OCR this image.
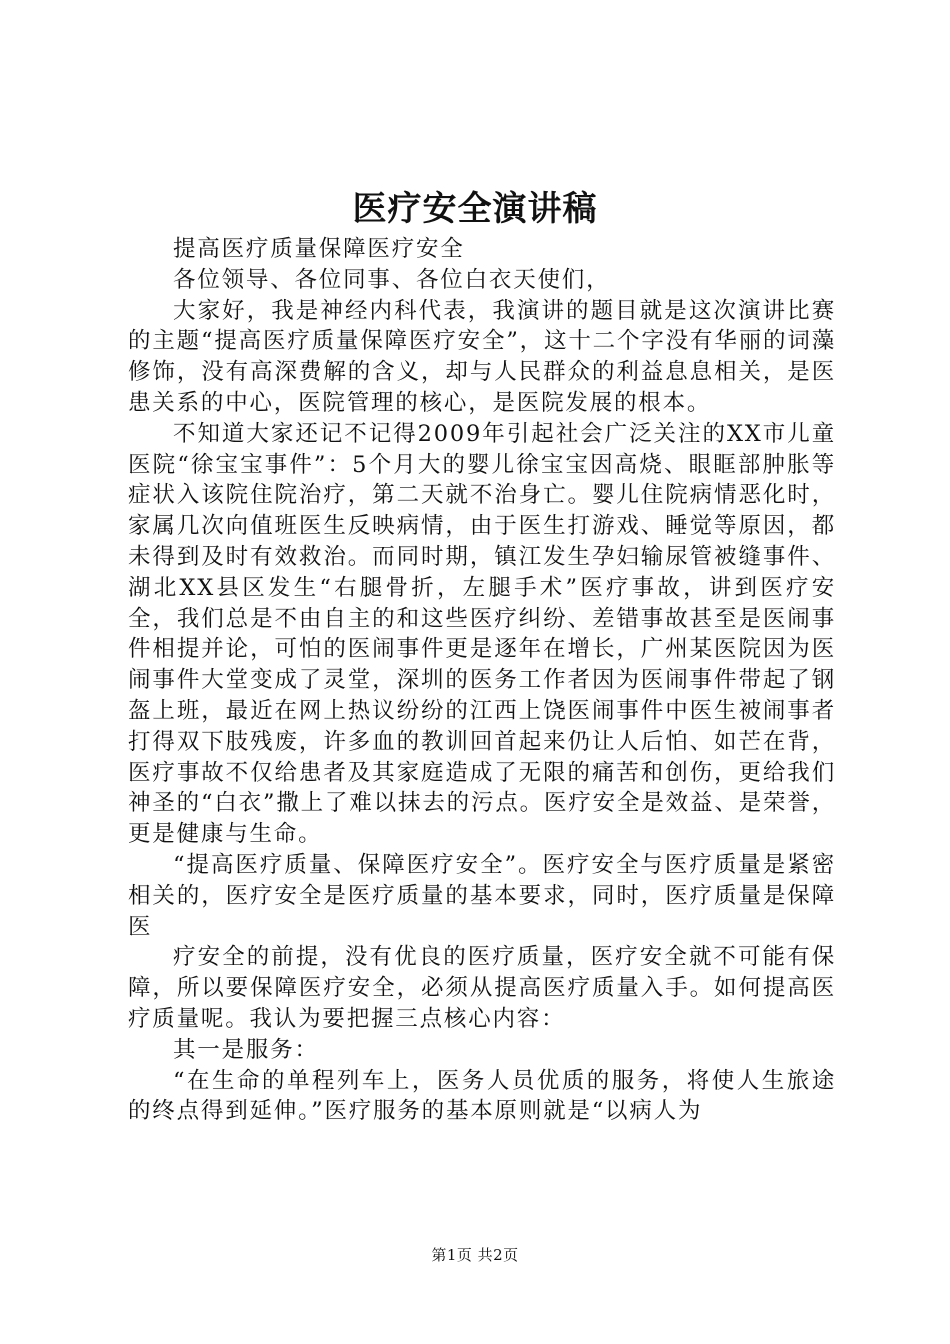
医疗安全演讲稿

提高医疗质量保障医疗安全

各位领导、各位同事、各位白衣天使们，

大家好，我是神经内科代表，我演讲的题目就是这次演讲比赛的主题“提高医疗质量保障医疗安全”，这十二个字没有华丽的词藻修饰，没有高深费解的含义，却与人民群众的利益息息相关，是医患关系的中心，医院管理的核心，是医院发展的根本。

不知道大家还记不记得2009年引起社会广泛关注的XX市儿童医院“徐宝宝事件”：5个月大的婴儿徐宝宝因高烧、眼眶部肿胀等症状入该院住院治疗，第二天就不治身亡。婴儿住院病情恶化时，家属几次向值班医生反映病情，由于医生打游戏、睡觉等原因，都未得到及时有效救治。而同时期，镇江发生孕妇输尿管被缝事件、湖北XX县区发生“右腿骨折，左腿手术”医疗事故，讲到医疗安全，我们总是不由自主的和这些医疗纠纷、差错事故甚至是医闹事件相提并论，可怕的医闹事件更是逐年在增长，广州某医院因为医闹事件大堂变成了灵堂，深圳的医务工作者因为医闹事件带起了钢盔上班，最近在网上热议纷纷的江西上饶医闹事件中医生被闹事者打得双下肢残废，许多血的教训回首起来仍让人后怕、如芒在背，医疗事故不仅给患者及其家庭造成了无限的痛苦和创伤，更给我们神圣的“白衣”撒上了难以抹去的污点。医疗安全是效益、是荣誉，更是健康与生命。

“提高医疗质量、保障医疗安全”。医疗安全与医疗质量是紧密相关的，医疗安全是医疗质量的基本要求，同时，医疗质量是保障医

疗安全的前提，没有优良的医疗质量，医疗安全就不可能有保障，所以要保障医疗安全，必须从提高医疗质量入手。如何提高医疗质量呢。我认为要把握三点核心内容：

其一是服务：

“在生命的单程列车上，医务人员优质的服务，将使人生旅途的终点得到延伸。”医疗服务的基本原则就是“以病人为

第1页 共2页
